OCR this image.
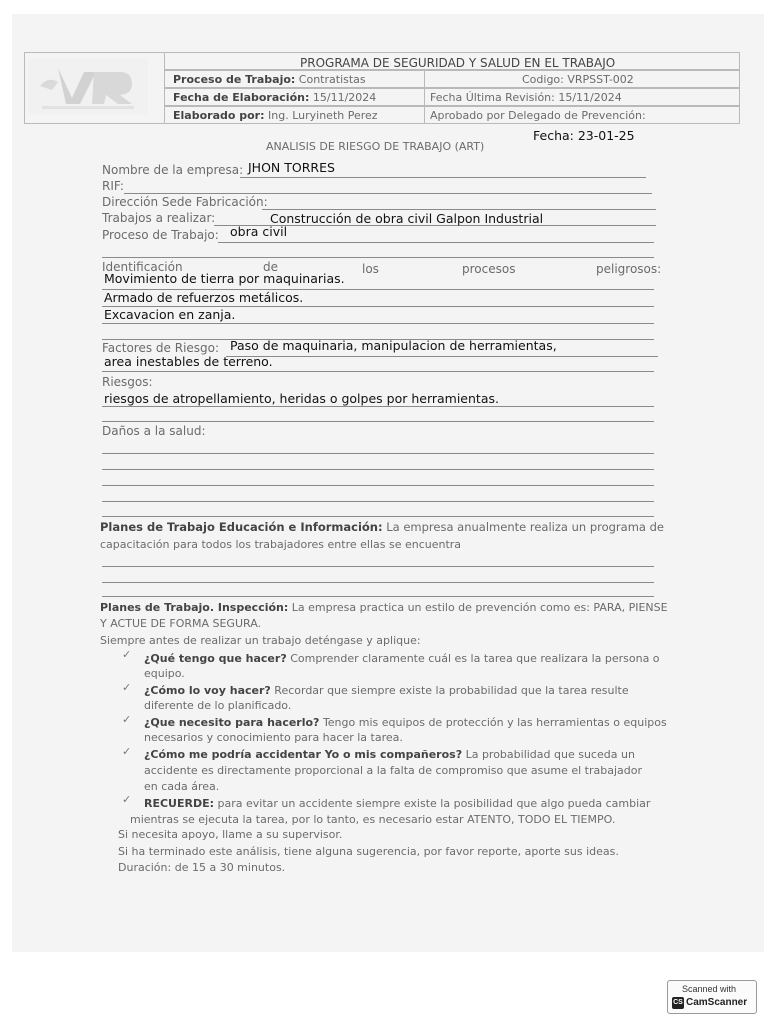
PROGRAMA DE SEGURIDAD Y SALUD EN EL TRABAJO
Proceso de Trabajo: Contratistas	Codigo: VRPSST-002
Fecha de Elaboración: 15/11/2024	Fecha Última Revisión: 15/11/2024
Elaborado por: Ing. Luryineth Perez	Aprobado por Delegado de Prevención:
Fecha: 23-01-25
ANALISIS DE RIESGO DE TRABAJO (ART)
Nombre de la empresa: JHON TORRES
RIF:
Dirección Sede Fabricación:
Trabajos a realizar:	Construcción de obra civil Galpon Industrial
Proceso de Trabajo: obra civil
Identificación	de	los	procesos	peligrosos:
Movimiento de tierra por maquinarias.
Armado de refuerzos metálicos.
Excavacion en zanja.
Factores de Riesgo: Paso de maquinaria, manipulacion de herramientas,
area inestables de terreno.
Riesgos:
riesgos de atropellamiento, heridas o golpes por herramientas.
Daños a la salud:
Planes de Trabajo Educación e Información: La empresa anualmente realiza un programa de
capacitación para todos los trabajadores entre ellas se encuentra
Planes de Trabajo. Inspección: La empresa practica un estilo de prevención como es: PARA, PIENSE
Y ACTUE DE FORMA SEGURA.
Siempre antes de realizar un trabajo deténgase y aplique:
✓ ¿Qué tengo que hacer? Comprender claramente cuál es la tarea que realizara la persona o
equipo.
✓ ¿Cómo lo voy hacer? Recordar que siempre existe la probabilidad que la tarea resulte
diferente de lo planificado.
✓ ¿Que necesito para hacerlo? Tengo mis equipos de protección y las herramientas o equipos
necesarios y conocimiento para hacer la tarea.
✓ ¿Cómo me podría accidentar Yo o mis compañeros? La probabilidad que suceda un
accidente es directamente proporcional a la falta de compromiso que asume el trabajador
en cada área.
✓ RECUERDE: para evitar un accidente siempre existe la posibilidad que algo pueda cambiar
mientras se ejecuta la tarea, por lo tanto, es necesario estar ATENTO, TODO EL TIEMPO.
Si necesita apoyo, llame a su supervisor.
Si ha terminado este análisis, tiene alguna sugerencia, por favor reporte, aporte sus ideas.
Duración: de 15 a 30 minutos.
Scanned with
CS CamScanner
